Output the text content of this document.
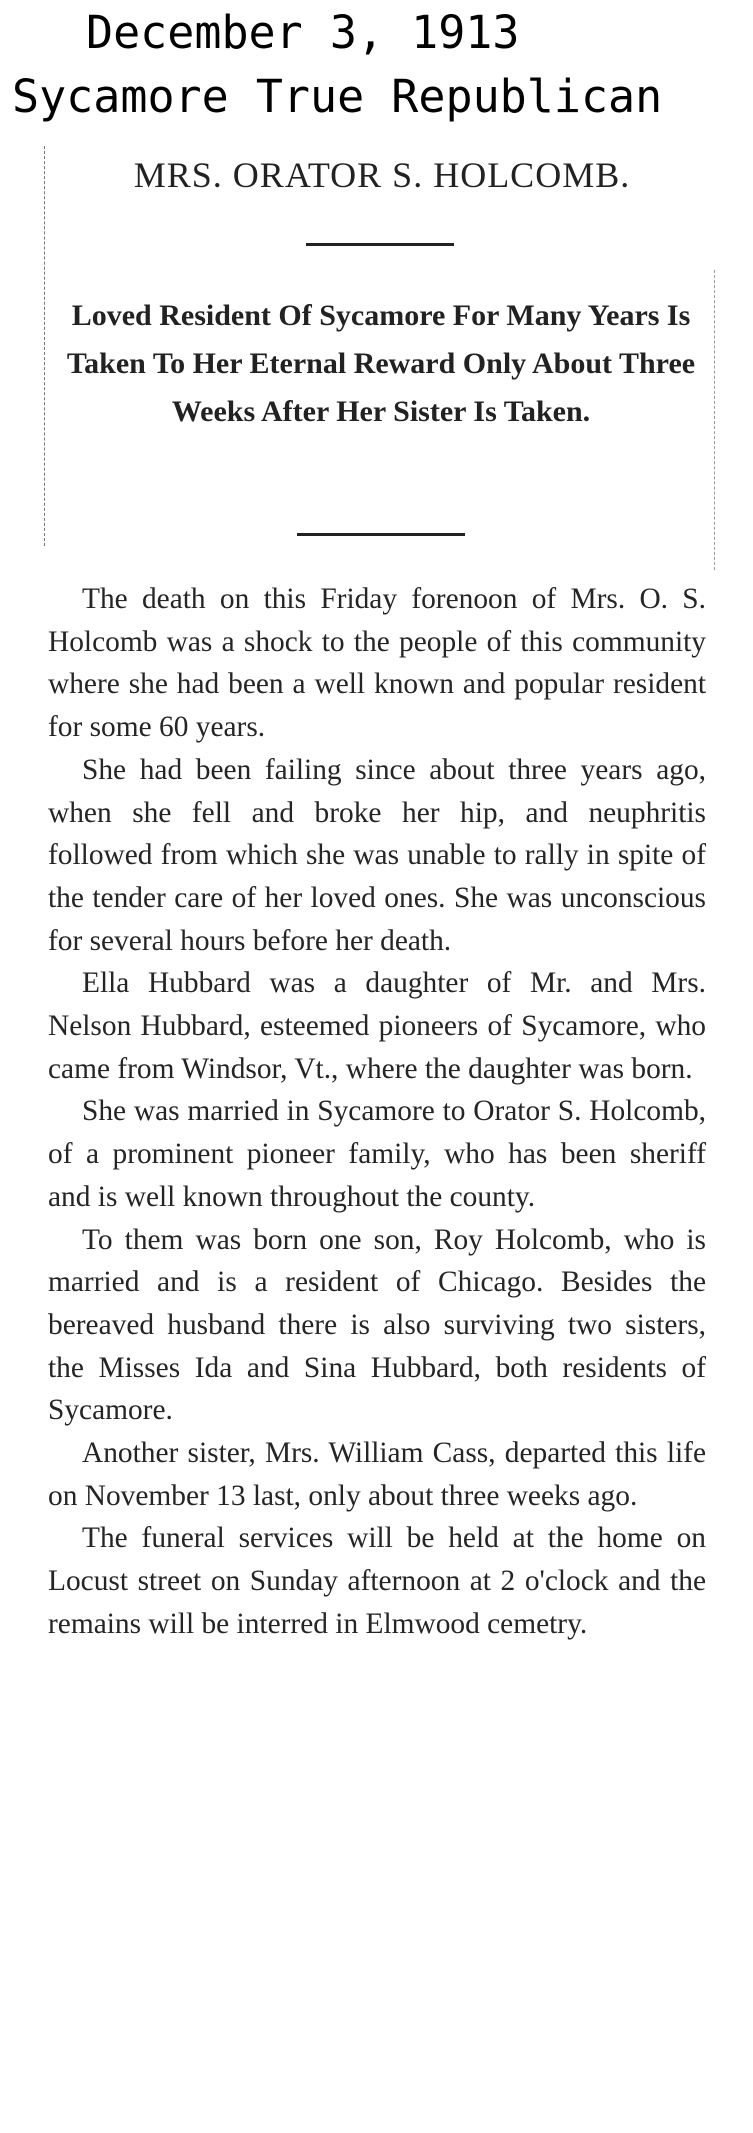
December 3, 1913
Sycamore True Republican
MRS. ORATOR S. HOLCOMB.
Loved Resident Of Sycamore For Many Years Is Taken To Her Eternal Reward Only About Three Weeks After Her Sister Is Taken.

The death on this Friday forenoon of Mrs. O. S. Holcomb was a shock to the people of this community where she had been a well known and popular resident for some 60 years.

She had been failing since about three years ago, when she fell and broke her hip, and neuphritis followed from which she was unable to rally in spite of the tender care of her loved ones. She was unconscious for several hours before her death.

Ella Hubbard was a daughter of Mr. and Mrs. Nelson Hubbard, esteemed pioneers of Sycamore, who came from Windsor, Vt., where the daughter was born.

She was married in Sycamore to Orator S. Holcomb, of a prominent pioneer family, who has been sheriff and is well known throughout the county.

To them was born one son, Roy Holcomb, who is married and is a resident of Chicago. Besides the bereaved husband there is also surviving two sisters, the Misses Ida and Sina Hubbard, both residents of Sycamore.

Another sister, Mrs. William Cass, departed this life on November 13 last, only about three weeks ago.

The funeral services will be held at the home on Locust street on Sunday afternoon at 2 o'clock and the remains will be interred in Elmwood cemetry.
